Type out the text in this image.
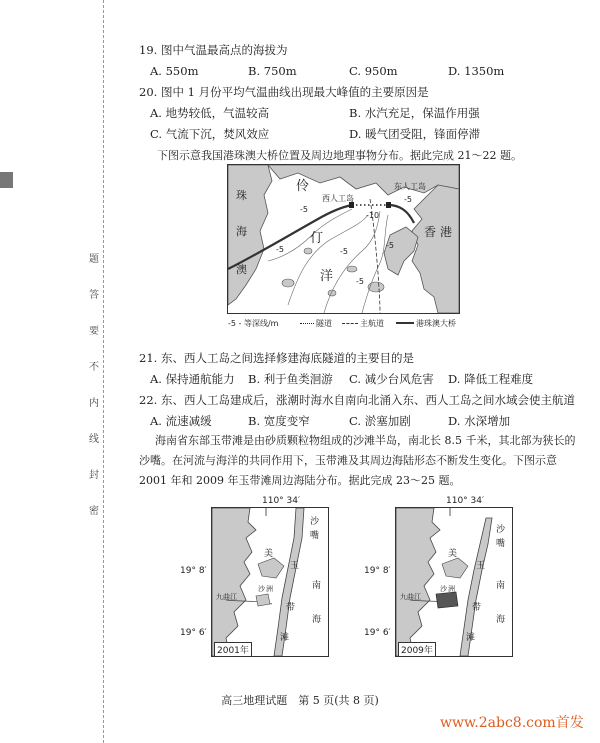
题
答
要
不
内
线
封
密
19. 图中气温最高点的海拔为
A. 550m	B. 750m	C. 950m	D. 1350m
20. 图中 1 月份平均气温曲线出现最大峰值的主要原因是
A. 地势较低，气温较高	B. 水汽充足，保温作用强
C. 气流下沉，焚风效应	D. 暖气团受阻，锋面停滞
下图示意我国港珠澳大桥位置及周边地理事物分布。据此完成 21～22 题。
珠
海
澳
伶
仃
洋
香 港
西人工岛
东人工岛
-10
-5
-5
-5
-5
-5
-5
-5 - 等深线/m	隧道	主航道	港珠澳大桥
21. 东、西人工岛之间选择修建海底隧道的主要目的是
A. 保持通航能力 B. 利于鱼类洄游 C. 减少台风危害 D. 降低工程难度
22. 东、西人工岛建成后，涨潮时海水自南向北涌入东、西人工岛之间水域会使主航道
A. 流速减缓	B. 宽度变窄	C. 淤塞加剧	D. 水深增加
海南省东部玉带滩是由砂质颗粒物组成的沙滩半岛，南北长 8.5 千米，其北部为狭长的沙嘴。在河流与海洋的共同作用下，玉带滩及其周边海陆形态不断发生变化。下图示意 2001 年和 2009 年玉带滩周边海陆分布。据此完成 23～25 题。
110° 34′	110° 34′
19° 8′
19° 6′
19° 8′
19° 6′
沙
嘴
美
玉
南
海
带
滩
九曲江
沙 洲
2001年
沙
嘴
美
玉
南
海
带
滩
九曲江
沙 洲
2009年
高三地理试题　第 5 页(共 8 页)
www.2abc8.com首发
